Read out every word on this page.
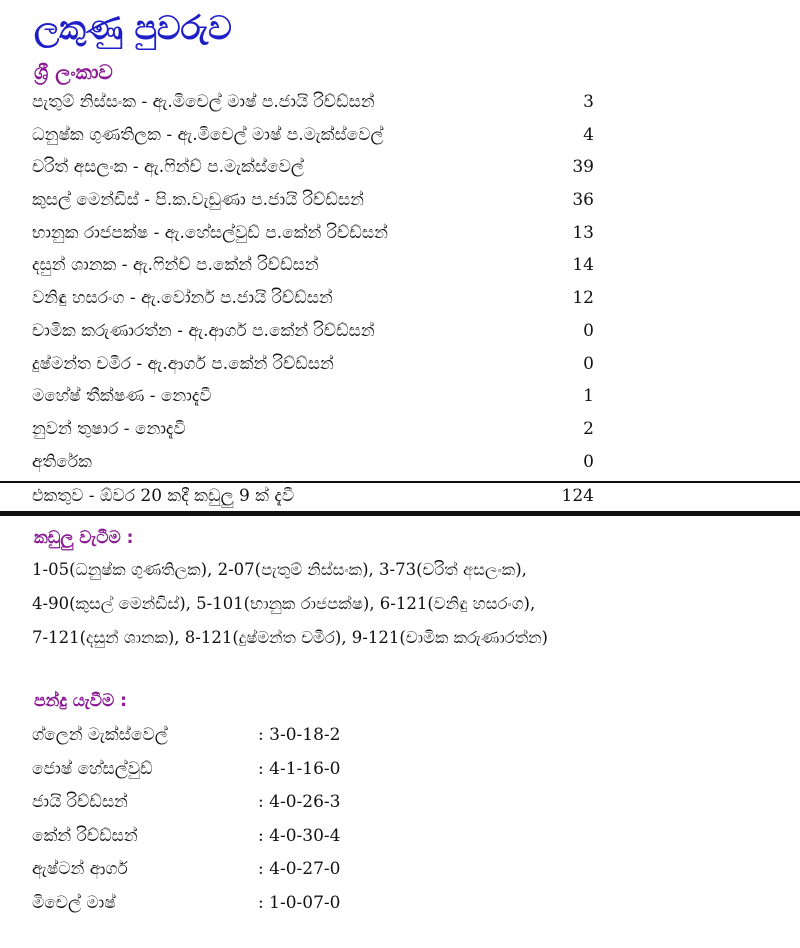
ලකුණු පුවරුව
ශ්‍රී ලංකාව
පැතුම් නිස්සංක - ඇ.මිචෙල් මාෂ් ප.ජායි රිච්ඩ්සන්	3
ධනුෂ්ක ගුණතිලක - ඇ.මිචෙල් මාෂ් ප.මැක්ස්වෙල්	4
චරිත් අසලංක - ඇ.ෆින්ච් ප.මැක්ස්වෙල්	39
කුසල් මෙන්ඩිස් - පි.ක.වැඩුණා ප.ජායි රිච්ඩ්සන්	36
භානුක රාජපක්ෂ - ඇ.හේසල්වුඩ් ප.කේන් රිච්ඩ්සන්	13
දසුන් ශානක - ඇ.ෆින්ච් ප.කේන් රිච්ඩ්සන්	14
වනිඳු හසරංග - ඇ.වෝනර් ප.ජායි රිච්ඩ්සන්	12
චාමික කරුණාරත්න - ඇ.ආගර් ප.කේන් රිච්ඩ්සන්	0
දුෂ්මන්ත චමීර - ඇ.ආගර් ප.කේන් රිච්ඩ්සන්	0
මහේෂ් තීක්ෂණ - නොදැවී	1
නුවන් තුෂාර - නොදැවී	2
අතිරේක	0
එකතුව - ඕවර 20 කදී කඩුලු 9 ක් දැවී	124
කඩුලු වැටීම :
1-05(ධනුෂ්ක ගුණතිලක), 2-07(පැතුම් නිස්සංක), 3-73(චරිත් අසලංක),
4-90(කුසල් මෙන්ඩිස්), 5-101(භානුක රාජපක්ෂ), 6-121(වනිඳු හසරංග),
7-121(දසුන් ශානක), 8-121(දුෂ්මන්ත චමීර), 9-121(චාමික කරුණාරත්න)
පන්දු යැවීම :
ග්ලෙන් මැක්ස්වෙල්	: 3-0-18-2
ජොෂ් හේසල්වුඩ්	: 4-1-16-0
ජායි රිච්ඩ්සන්	: 4-0-26-3
කේන් රිච්ඩ්සන්	: 4-0-30-4
ඇෂ්ටන් ආගර්	: 4-0-27-0
මිචෙල් මාෂ්	: 1-0-07-0
